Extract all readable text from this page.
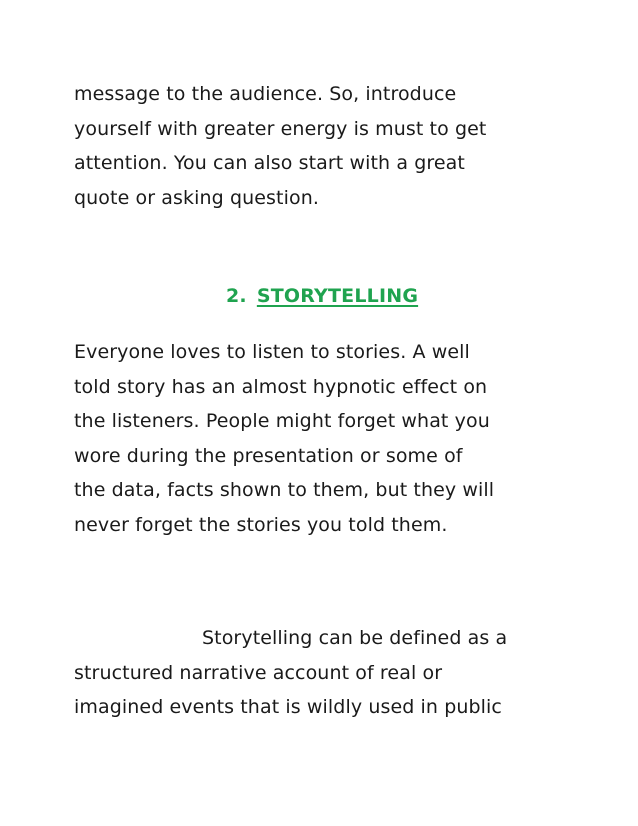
message to the audience. So, introduce
yourself with greater energy is must to get
attention. You can also start with a great
quote or asking question.
2. STORYTELLING
Everyone loves to listen to stories. A well
told story has an almost hypnotic effect on
the listeners. People might forget what you
wore during the presentation or some of
the data, facts shown to them, but they will
never forget the stories you told them.
Storytelling can be defined as a
structured narrative account of real or
imagined events that is wildly used in public
